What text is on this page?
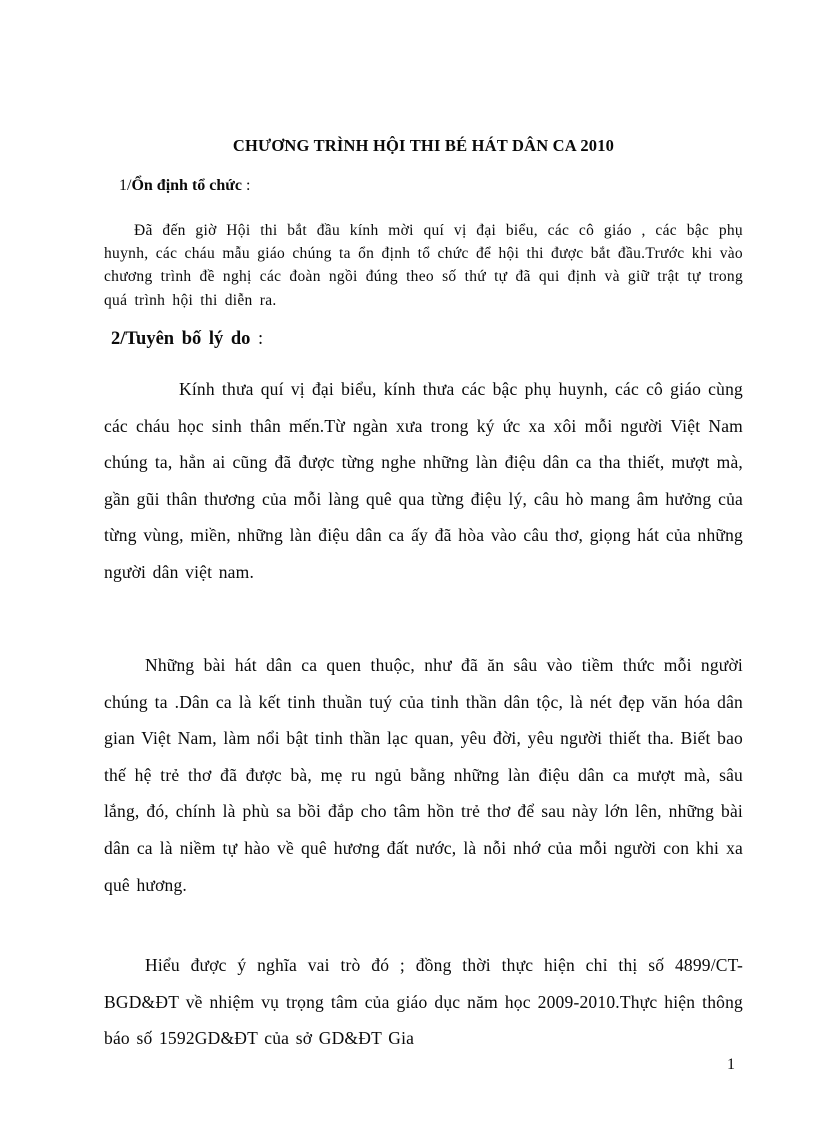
CHƯƠNG TRÌNH HỘI THI BÉ HÁT DÂN CA 2010
1/Ổn định tổ chức :

Đã đến giờ Hội thi bắt đầu kính mời quí vị đại biểu, các cô giáo , các bậc phụ huynh, các cháu mẫu giáo chúng ta ổn định tổ chức để hội thi được bắt đầu.Trước khi vào chương trình đề nghị các đoàn ngồi đúng theo số thứ tự đã qui định và giữ trật tự trong quá trình hội thi diễn ra.

2/Tuyên bố lý do :

Kính thưa quí vị đại biểu, kính thưa các bậc phụ huynh, các cô giáo cùng các cháu học sinh thân mến.Từ ngàn xưa trong ký ức xa xôi mỗi người Việt Nam chúng ta, hẳn ai cũng đã được từng nghe những làn điệu dân ca tha thiết, mượt mà, gần gũi thân thương của mỗi làng quê qua từng điệu lý, câu hò mang âm hưởng của từng vùng, miền, những làn điệu dân ca ấy đã hòa vào câu thơ, giọng hát của những người dân việt nam.

Những bài hát dân ca quen thuộc, như đã ăn sâu vào tiềm thức mỗi người chúng ta .Dân ca là kết tinh thuần tuý của tinh thần dân tộc, là nét đẹp văn hóa dân gian Việt Nam, làm nổi bật tinh thần lạc quan, yêu đời, yêu người thiết tha. Biết bao thế hệ trẻ thơ đã được bà, mẹ ru ngủ bằng những làn điệu dân ca mượt mà, sâu lắng, đó, chính là phù sa bồi đắp cho tâm hồn trẻ thơ để sau này lớn lên, những bài dân ca là niềm tự hào về quê hương đất nước, là nỗi nhớ của mỗi người con khi xa quê hương.

Hiểu được ý nghĩa vai trò đó ; đồng thời thực hiện chỉ thị số 4899/CT-BGD&ĐT về nhiệm vụ trọng tâm của giáo dục năm học 2009-2010.Thực hiện thông báo số 1592GD&ĐT của sở GD&ĐT Gia

1
